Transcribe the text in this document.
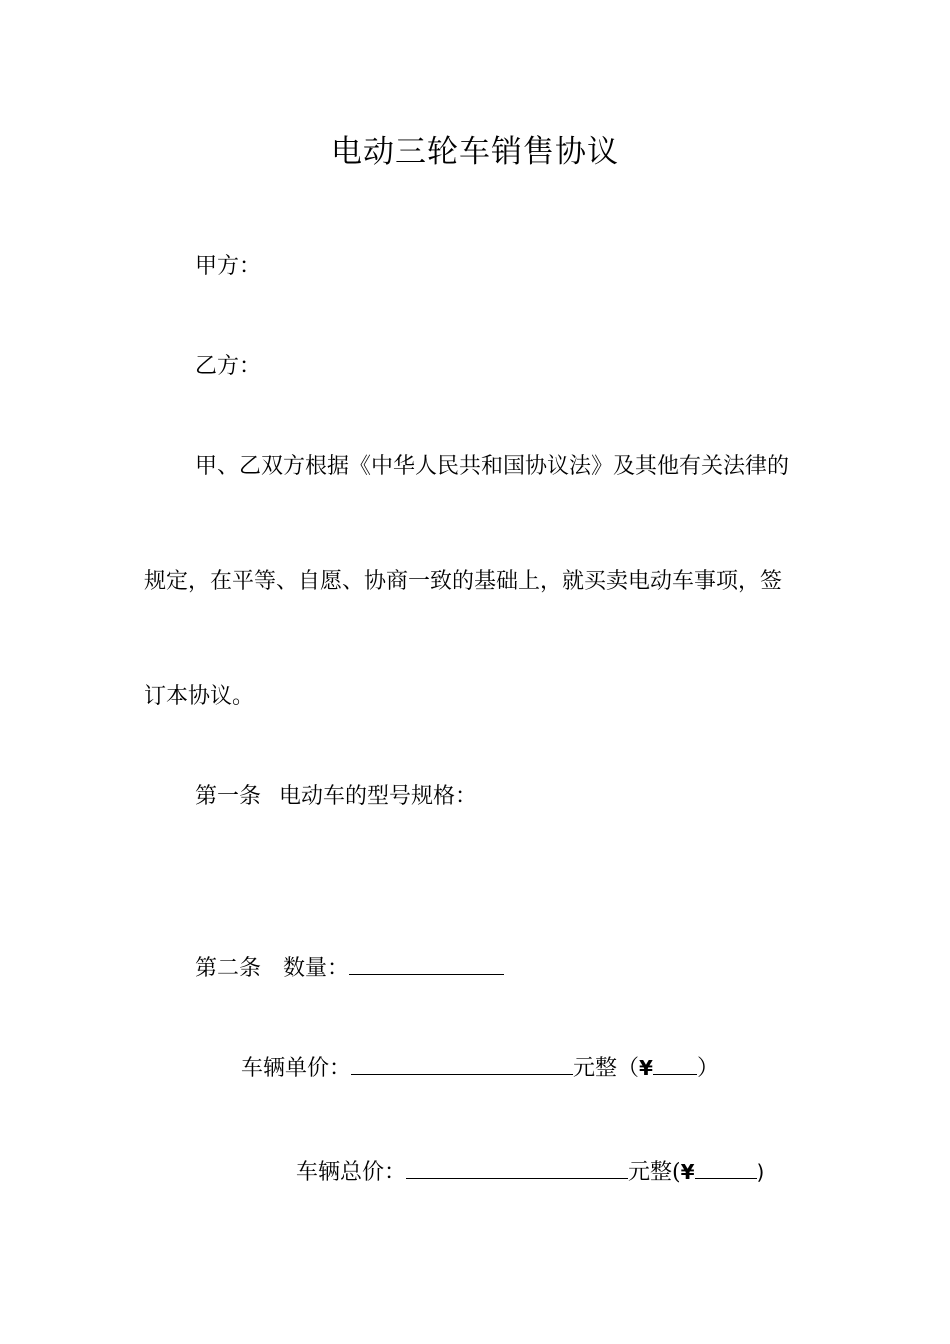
电动三轮车销售协议
甲方：
乙方：
甲、乙双方根据《中华人民共和国协议法》及其他有关法律的
规定，在平等、自愿、协商一致的基础上，就买卖电动车事项，签
订本协议。
第一条 电动车的型号规格：
第二条 数量：
车辆单价：	元整（¥ ）
车辆总价：	元整(¥	)
